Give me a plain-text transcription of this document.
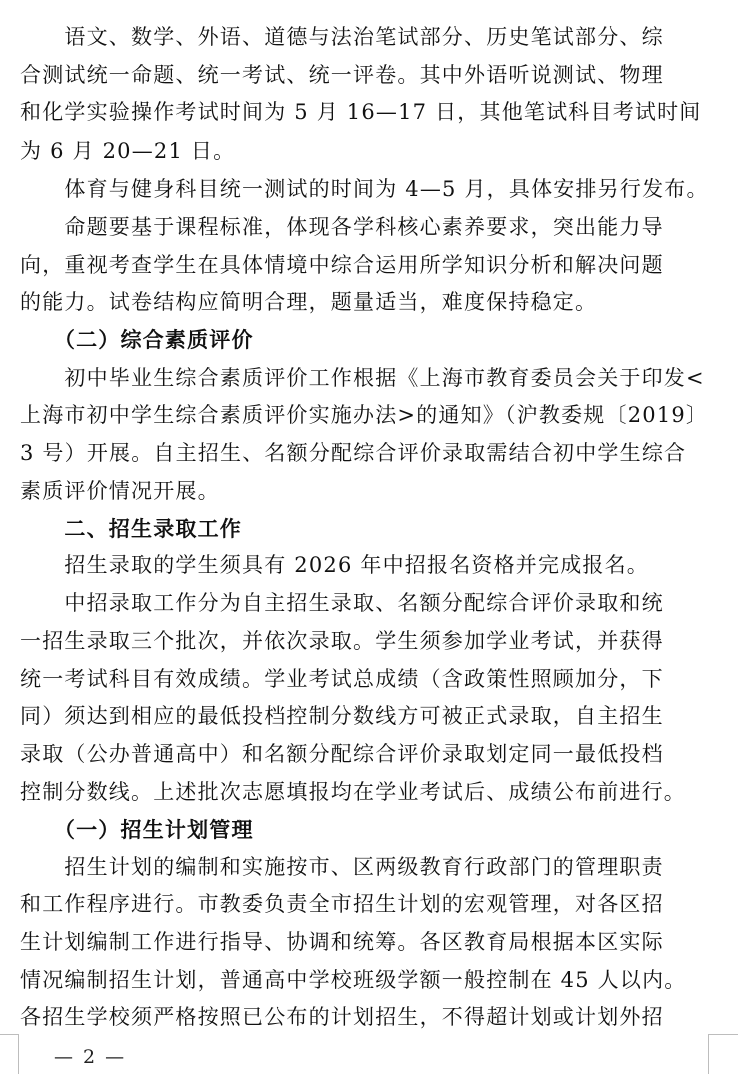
　　语文、数学、外语、道德与法治笔试部分、历史笔试部分、综
合测试统一命题、统一考试、统一评卷。其中外语听说测试、物理
和化学实验操作考试时间为 5 月 16—17 日，其他笔试科目考试时间
为 6 月 20—21 日。
　　体育与健身科目统一测试的时间为 4—5 月，具体安排另行发布。
　　命题要基于课程标准，体现各学科核心素养要求，突出能力导
向，重视考查学生在具体情境中综合运用所学知识分析和解决问题
的能力。试卷结构应简明合理，题量适当，难度保持稳定。
　　（二）综合素质评价
　　初中毕业生综合素质评价工作根据《上海市教育委员会关于印发<
上海市初中学生综合素质评价实施办法>的通知》（沪教委规〔2019〕
3 号）开展。自主招生、名额分配综合评价录取需结合初中学生综合
素质评价情况开展。
　　二、招生录取工作
　　招生录取的学生须具有 2026 年中招报名资格并完成报名。
　　中招录取工作分为自主招生录取、名额分配综合评价录取和统
一招生录取三个批次，并依次录取。学生须参加学业考试，并获得
统一考试科目有效成绩。学业考试总成绩（含政策性照顾加分，下
同）须达到相应的最低投档控制分数线方可被正式录取，自主招生
录取（公办普通高中）和名额分配综合评价录取划定同一最低投档
控制分数线。上述批次志愿填报均在学业考试后、成绩公布前进行。
　　（一）招生计划管理
　　招生计划的编制和实施按市、区两级教育行政部门的管理职责
和工作程序进行。市教委负责全市招生计划的宏观管理，对各区招
生计划编制工作进行指导、协调和统筹。各区教育局根据本区实际
情况编制招生计划，普通高中学校班级学额一般控制在 45 人以内。
各招生学校须严格按照已公布的计划招生，不得超计划或计划外招
— 2 —
